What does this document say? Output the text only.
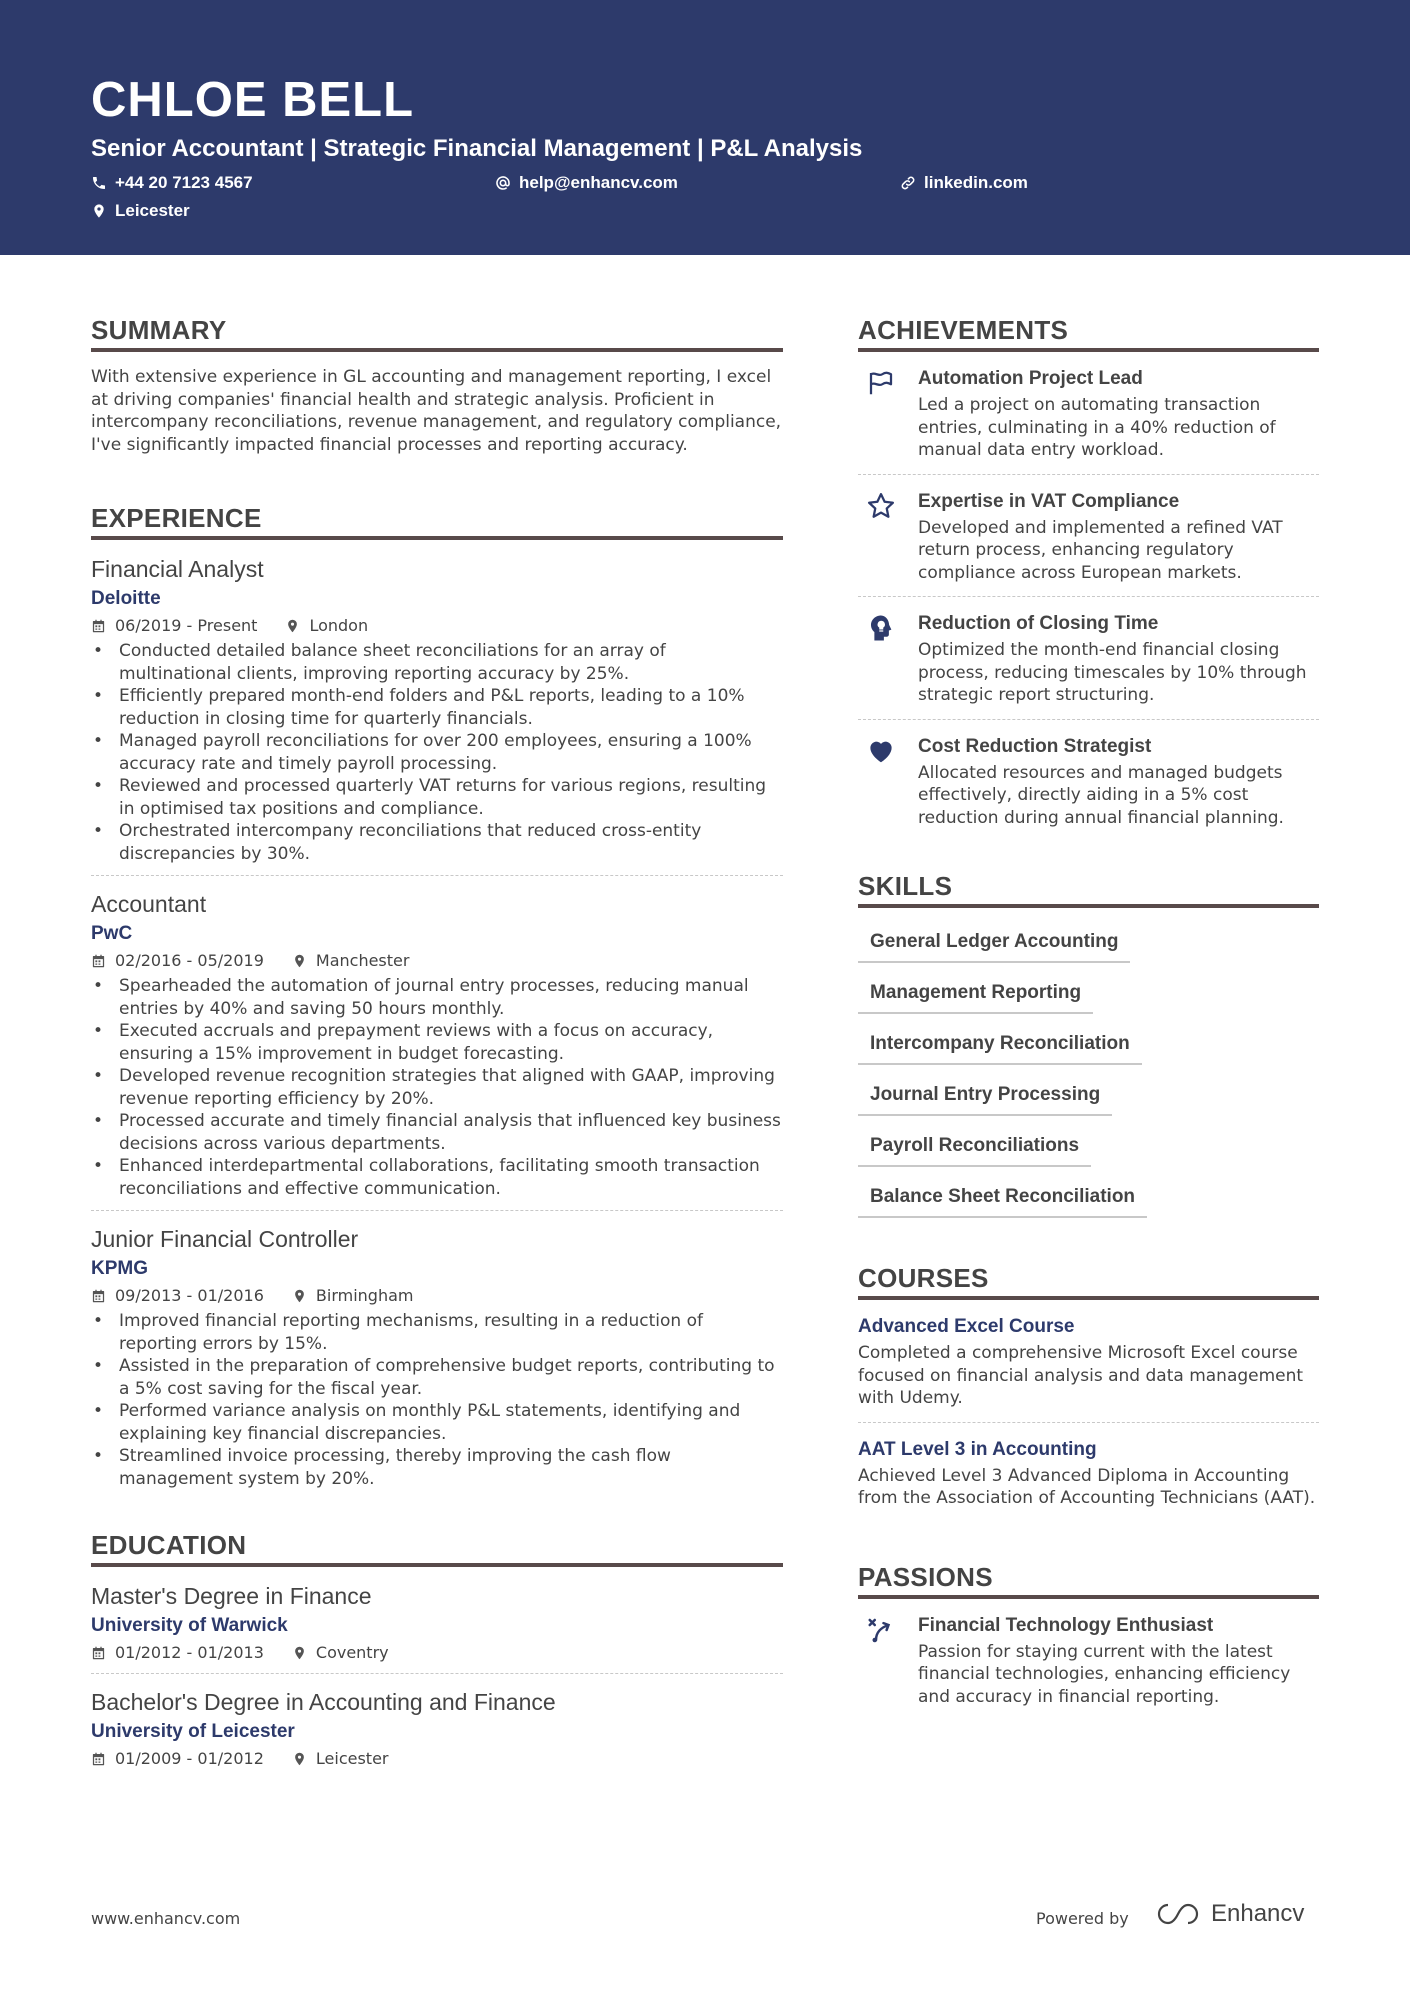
CHLOE BELL
Senior Accountant | Strategic Financial Management | P&L Analysis
+44 20 7123 4567	help@enhancv.com	linkedin.com
Leicester
SUMMARY
With extensive experience in GL accounting and management reporting, I excel at driving companies' financial health and strategic analysis. Proficient in intercompany reconciliations, revenue management, and regulatory compliance, I've significantly impacted financial processes and reporting accuracy.
EXPERIENCE
Financial Analyst
Deloitte
06/2019 - Present	London
• Conducted detailed balance sheet reconciliations for an array of multinational clients, improving reporting accuracy by 25%.
• Efficiently prepared month-end folders and P&L reports, leading to a 10% reduction in closing time for quarterly financials.
• Managed payroll reconciliations for over 200 employees, ensuring a 100% accuracy rate and timely payroll processing.
• Reviewed and processed quarterly VAT returns for various regions, resulting in optimised tax positions and compliance.
• Orchestrated intercompany reconciliations that reduced cross-entity discrepancies by 30%.
Accountant
PwC
02/2016 - 05/2019	Manchester
• Spearheaded the automation of journal entry processes, reducing manual entries by 40% and saving 50 hours monthly.
• Executed accruals and prepayment reviews with a focus on accuracy, ensuring a 15% improvement in budget forecasting.
• Developed revenue recognition strategies that aligned with GAAP, improving revenue reporting efficiency by 20%.
• Processed accurate and timely financial analysis that influenced key business decisions across various departments.
• Enhanced interdepartmental collaborations, facilitating smooth transaction reconciliations and effective communication.
Junior Financial Controller
KPMG
09/2013 - 01/2016	Birmingham
• Improved financial reporting mechanisms, resulting in a reduction of reporting errors by 15%.
• Assisted in the preparation of comprehensive budget reports, contributing to a 5% cost saving for the fiscal year.
• Performed variance analysis on monthly P&L statements, identifying and explaining key financial discrepancies.
• Streamlined invoice processing, thereby improving the cash flow management system by 20%.
EDUCATION
Master's Degree in Finance
University of Warwick
01/2012 - 01/2013	Coventry
Bachelor's Degree in Accounting and Finance
University of Leicester
01/2009 - 01/2012	Leicester
ACHIEVEMENTS
Automation Project Lead
Led a project on automating transaction entries, culminating in a 40% reduction of manual data entry workload.
Expertise in VAT Compliance
Developed and implemented a refined VAT return process, enhancing regulatory compliance across European markets.
Reduction of Closing Time
Optimized the month-end financial closing process, reducing timescales by 10% through strategic report structuring.
Cost Reduction Strategist
Allocated resources and managed budgets effectively, directly aiding in a 5% cost reduction during annual financial planning.
SKILLS
General Ledger Accounting
Management Reporting
Intercompany Reconciliation
Journal Entry Processing
Payroll Reconciliations
Balance Sheet Reconciliation
COURSES
Advanced Excel Course
Completed a comprehensive Microsoft Excel course focused on financial analysis and data management with Udemy.
AAT Level 3 in Accounting
Achieved Level 3 Advanced Diploma in Accounting from the Association of Accounting Technicians (AAT).
PASSIONS
Financial Technology Enthusiast
Passion for staying current with the latest financial technologies, enhancing efficiency and accuracy in financial reporting.
www.enhancv.com	Powered by	Enhancv
